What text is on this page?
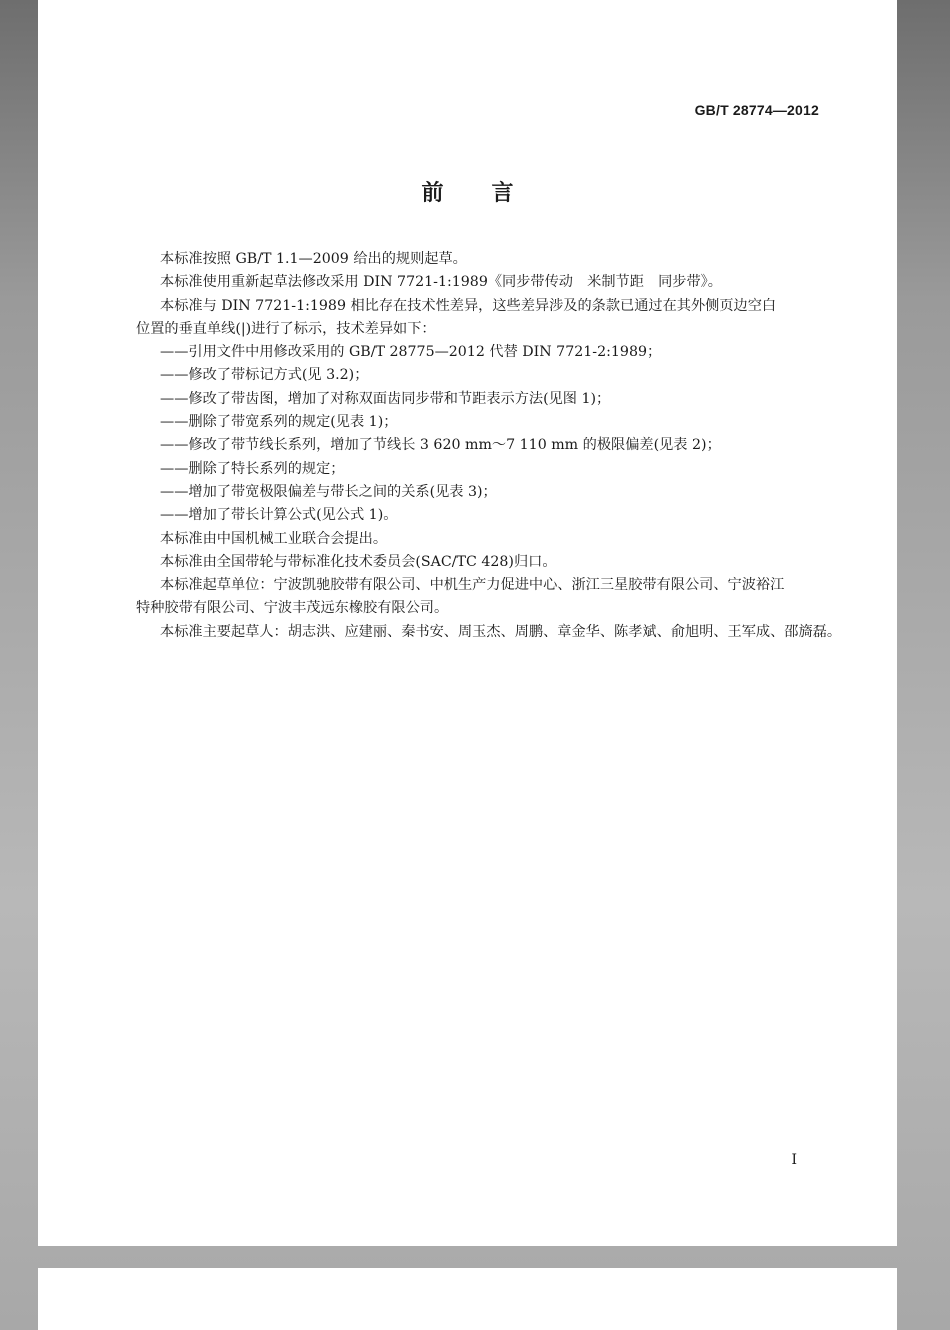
GB/T 28774—2012
前言

本标准按照 GB/T 1.1—2009 给出的规则起草。

本标准使用重新起草法修改采用 DIN 7721-1:1989《同步带传动　米制节距　同步带》。

本标准与 DIN 7721-1:1989 相比存在技术性差异，这些差异涉及的条款已通过在其外侧页边空白

位置的垂直单线(|)进行了标示，技术差异如下：

——引用文件中用修改采用的 GB/T 28775—2012 代替 DIN 7721-2:1989；

——修改了带标记方式(见 3.2)；

——修改了带齿图，增加了对称双面齿同步带和节距表示方法(见图 1)；

——删除了带宽系列的规定(见表 1)；

——修改了带节线长系列，增加了节线长 3 620 mm～7 110 mm 的极限偏差(见表 2)；

——删除了特长系列的规定；

——增加了带宽极限偏差与带长之间的关系(见表 3)；

——增加了带长计算公式(见公式 1)。

本标准由中国机械工业联合会提出。

本标准由全国带轮与带标准化技术委员会(SAC/TC 428)归口。

本标准起草单位：宁波凯驰胶带有限公司、中机生产力促进中心、浙江三星胶带有限公司、宁波裕江

特种胶带有限公司、宁波丰茂远东橡胶有限公司。

本标准主要起草人：胡志洪、应建丽、秦书安、周玉杰、周鹏、章金华、陈孝斌、俞旭明、王军成、邵旖磊。

I
